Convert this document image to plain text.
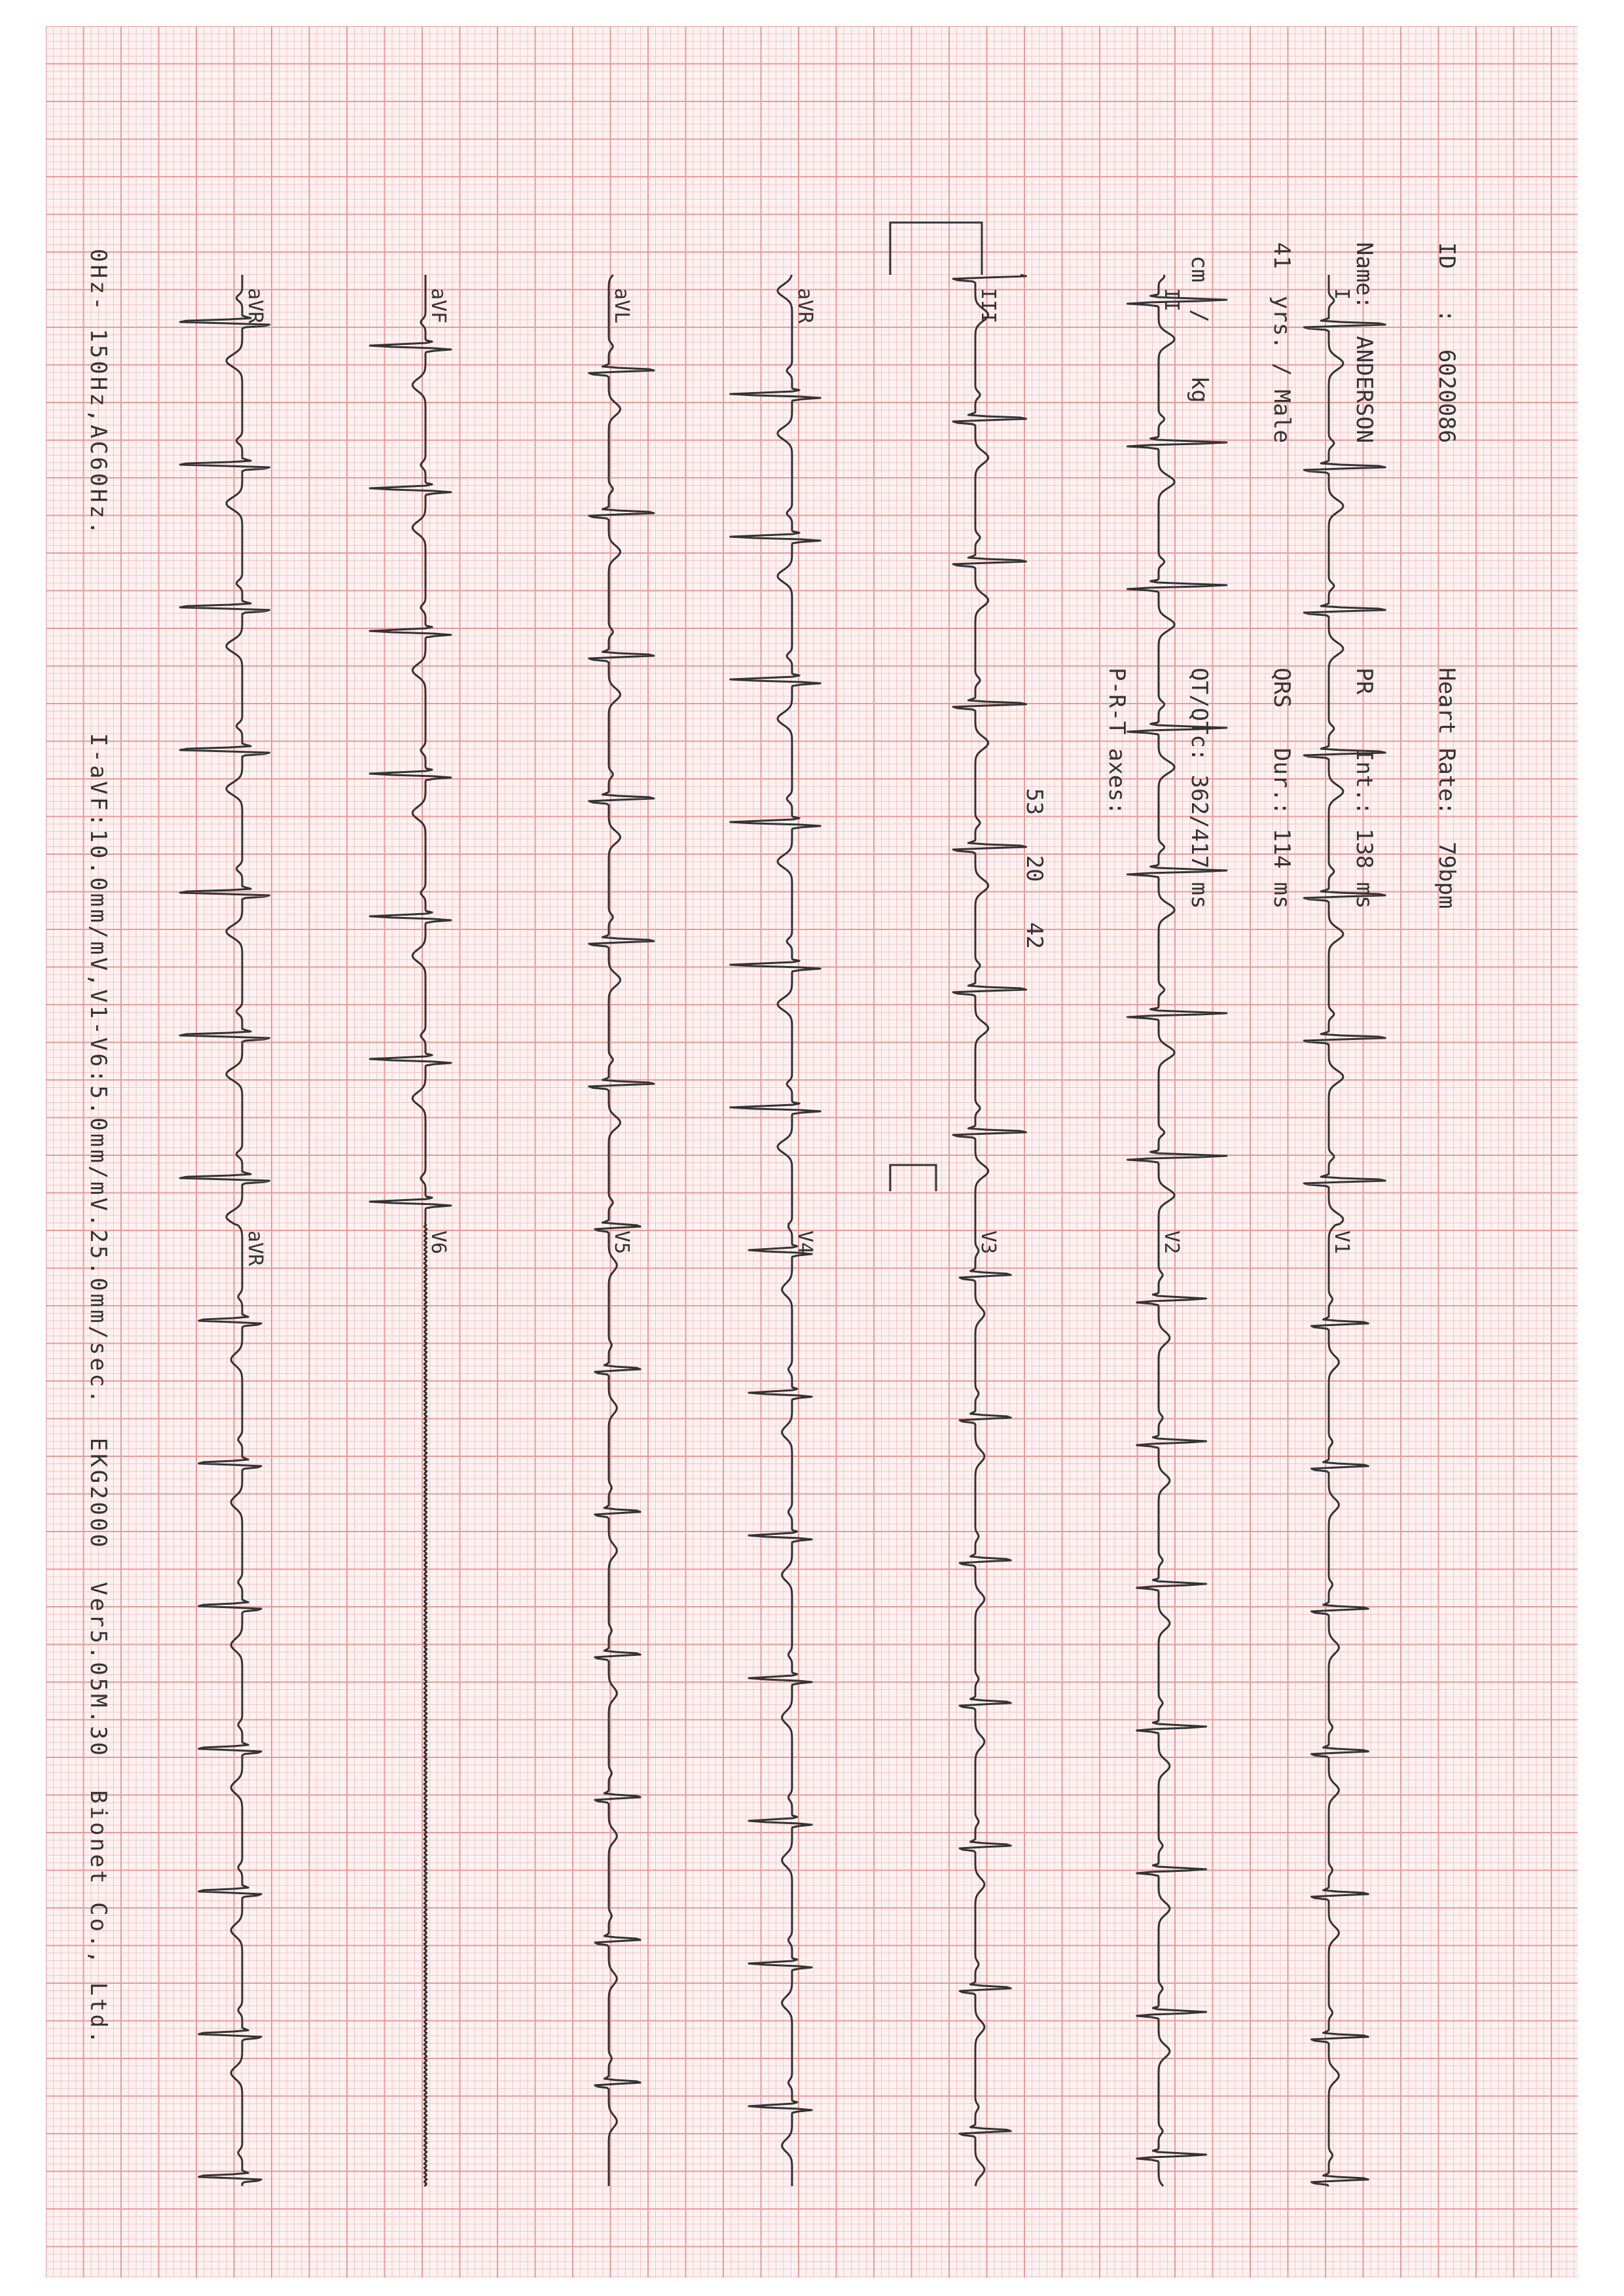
I
V1
II
V2
III
V3
aVR
V4
aVL
V5
aVF
V6
aVR
aVR

ID   :  6020086

Name:  ANDERSON

41  yrs. / Male

cm  /    kg

Heart Rate:  79bpm

PR    Int.: 138 ms

QRS   Dur.: 114 ms

QT/QTc: 362/417 ms

P-R-T axes:

53   20   42

0Hz- 150Hz,AC60Hz.
I-aVF:10.0mm/mV,V1-V6:5.0mm/mV.25.0mm/sec.  EKG2000  Ver5.05M.30  Bionet Co., Ltd.
